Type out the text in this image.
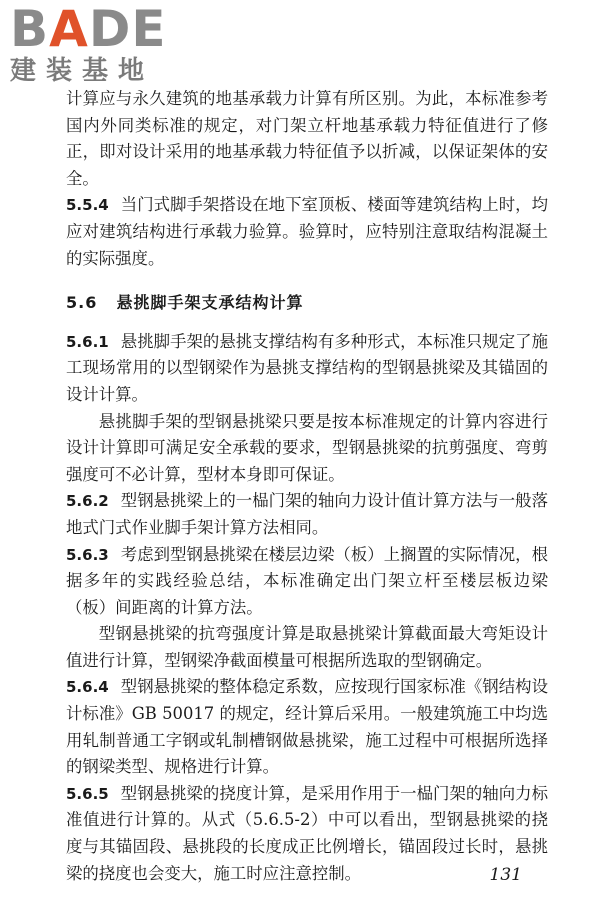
BADE
建装基地

计算应与永久建筑的地基承载力计算有所区别。为此，本标准参考国内外同类标准的规定，对门架立杆地基承载力特征值进行了修正，即对设计采用的地基承载力特征值予以折减，以保证架体的安全。

5.5.4 当门式脚手架搭设在地下室顶板、楼面等建筑结构上时，均应对建筑结构进行承载力验算。验算时，应特别注意取结构混凝土的实际强度。

5.6 悬挑脚手架支承结构计算

5.6.1 悬挑脚手架的悬挑支撑结构有多种形式，本标准只规定了施工现场常用的以型钢梁作为悬挑支撑结构的型钢悬挑梁及其锚固的设计计算。

悬挑脚手架的型钢悬挑梁只要是按本标准规定的计算内容进行设计计算即可满足安全承载的要求，型钢悬挑梁的抗剪强度、弯剪强度可不必计算，型材本身即可保证。

5.6.2 型钢悬挑梁上的一榀门架的轴向力设计值计算方法与一般落地式门式作业脚手架计算方法相同。

5.6.3 考虑到型钢悬挑梁在楼层边梁（板）上搁置的实际情况，根据多年的实践经验总结，本标准确定出门架立杆至楼层板边梁（板）间距离的计算方法。

型钢悬挑梁的抗弯强度计算是取悬挑梁计算截面最大弯矩设计值进行计算，型钢梁净截面模量可根据所选取的型钢确定。

5.6.4 型钢悬挑梁的整体稳定系数，应按现行国家标准《钢结构设计标准》GB 50017 的规定，经计算后采用。一般建筑施工中均选用轧制普通工字钢或轧制槽钢做悬挑梁，施工过程中可根据所选择的钢梁类型、规格进行计算。

5.6.5 型钢悬挑梁的挠度计算，是采用作用于一榀门架的轴向力标准值进行计算的。从式（5.6.5-2）中可以看出，型钢悬挑梁的挠度与其锚固段、悬挑段的长度成正比例增长，锚固段过长时，悬挑梁的挠度也会变大，施工时应注意控制。	131
